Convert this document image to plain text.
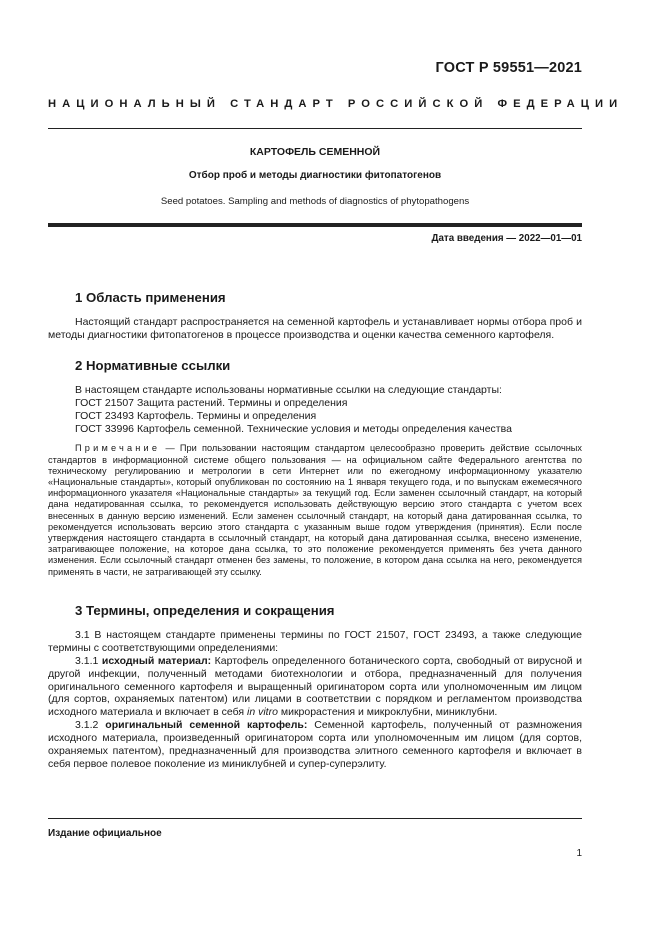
ГОСТ Р 59551—2021
НАЦИОНАЛЬНЫЙ СТАНДАРТ РОССИЙСКОЙ ФЕДЕРАЦИИ
КАРТОФЕЛЬ СЕМЕННОЙ
Отбор проб и методы диагностики фитопатогенов
Seed potatoes. Sampling and methods of diagnostics of phytopathogens
Дата введения — 2022—01—01
1 Область применения

Настоящий стандарт распространяется на семенной картофель и устанавливает нормы отбора проб и методы диагностики фитопатогенов в процессе производства и оценки качества семенного картофеля.

2 Нормативные ссылки
В настоящем стандарте использованы нормативные ссылки на следующие стандарты:
ГОСТ 21507 Защита растений. Термины и определения
ГОСТ 23493 Картофель. Термины и определения
ГОСТ 33996 Картофель семенной. Технические условия и методы определения качества

Примечание — При пользовании настоящим стандартом целесообразно проверить действие ссылочных стандартов в информационной системе общего пользования — на официальном сайте Федерального агентства по техническому регулированию и метрологии в сети Интернет или по ежегодному информационному указателю «Национальные стандарты», который опубликован по состоянию на 1 января текущего года, и по выпускам ежемесячного информационного указателя «Национальные стандарты» за текущий год. Если заменен ссылочный стандарт, на который дана недатированная ссылка, то рекомендуется использовать действующую версию этого стандарта с учетом всех внесенных в данную версию изменений. Если заменен ссылочный стандарт, на который дана датированная ссылка, то рекомендуется использовать версию этого стандарта с указанным выше годом утверждения (принятия). Если после утверждения настоящего стандарта в ссылочный стандарт, на который дана датированная ссылка, внесено изменение, затрагивающее положение, на которое дана ссылка, то это положение рекомендуется применять без учета данного изменения. Если ссылочный стандарт отменен без замены, то положение, в котором дана ссылка на него, рекомендуется применять в части, не затрагивающей эту ссылку.

3 Термины, определения и сокращения

3.1 В настоящем стандарте применены термины по ГОСТ 21507, ГОСТ 23493, а также следующие термины с соответствующими определениями:

3.1.1 исходный материал: Картофель определенного ботанического сорта, свободный от вирусной и другой инфекции, полученный методами биотехнологии и отбора, предназначенный для получения оригинального семенного картофеля и выращенный оригинатором сорта или уполномоченным им лицом (для сортов, охраняемых патентом) или лицами в соответствии с порядком и регламентом производства исходного материала и включает в себя in vitro микрорастения и микроклубни, миниклубни.

3.1.2 оригинальный семенной картофель: Семенной картофель, полученный от размножения исходного материала, произведенный оригинатором сорта или уполномоченным им лицом (для сортов, охраняемых патентом), предназначенный для производства элитного семенного картофеля и включает в себя первое полевое поколение из миниклубней и супер-суперэлиту.

Издание официальное
1
